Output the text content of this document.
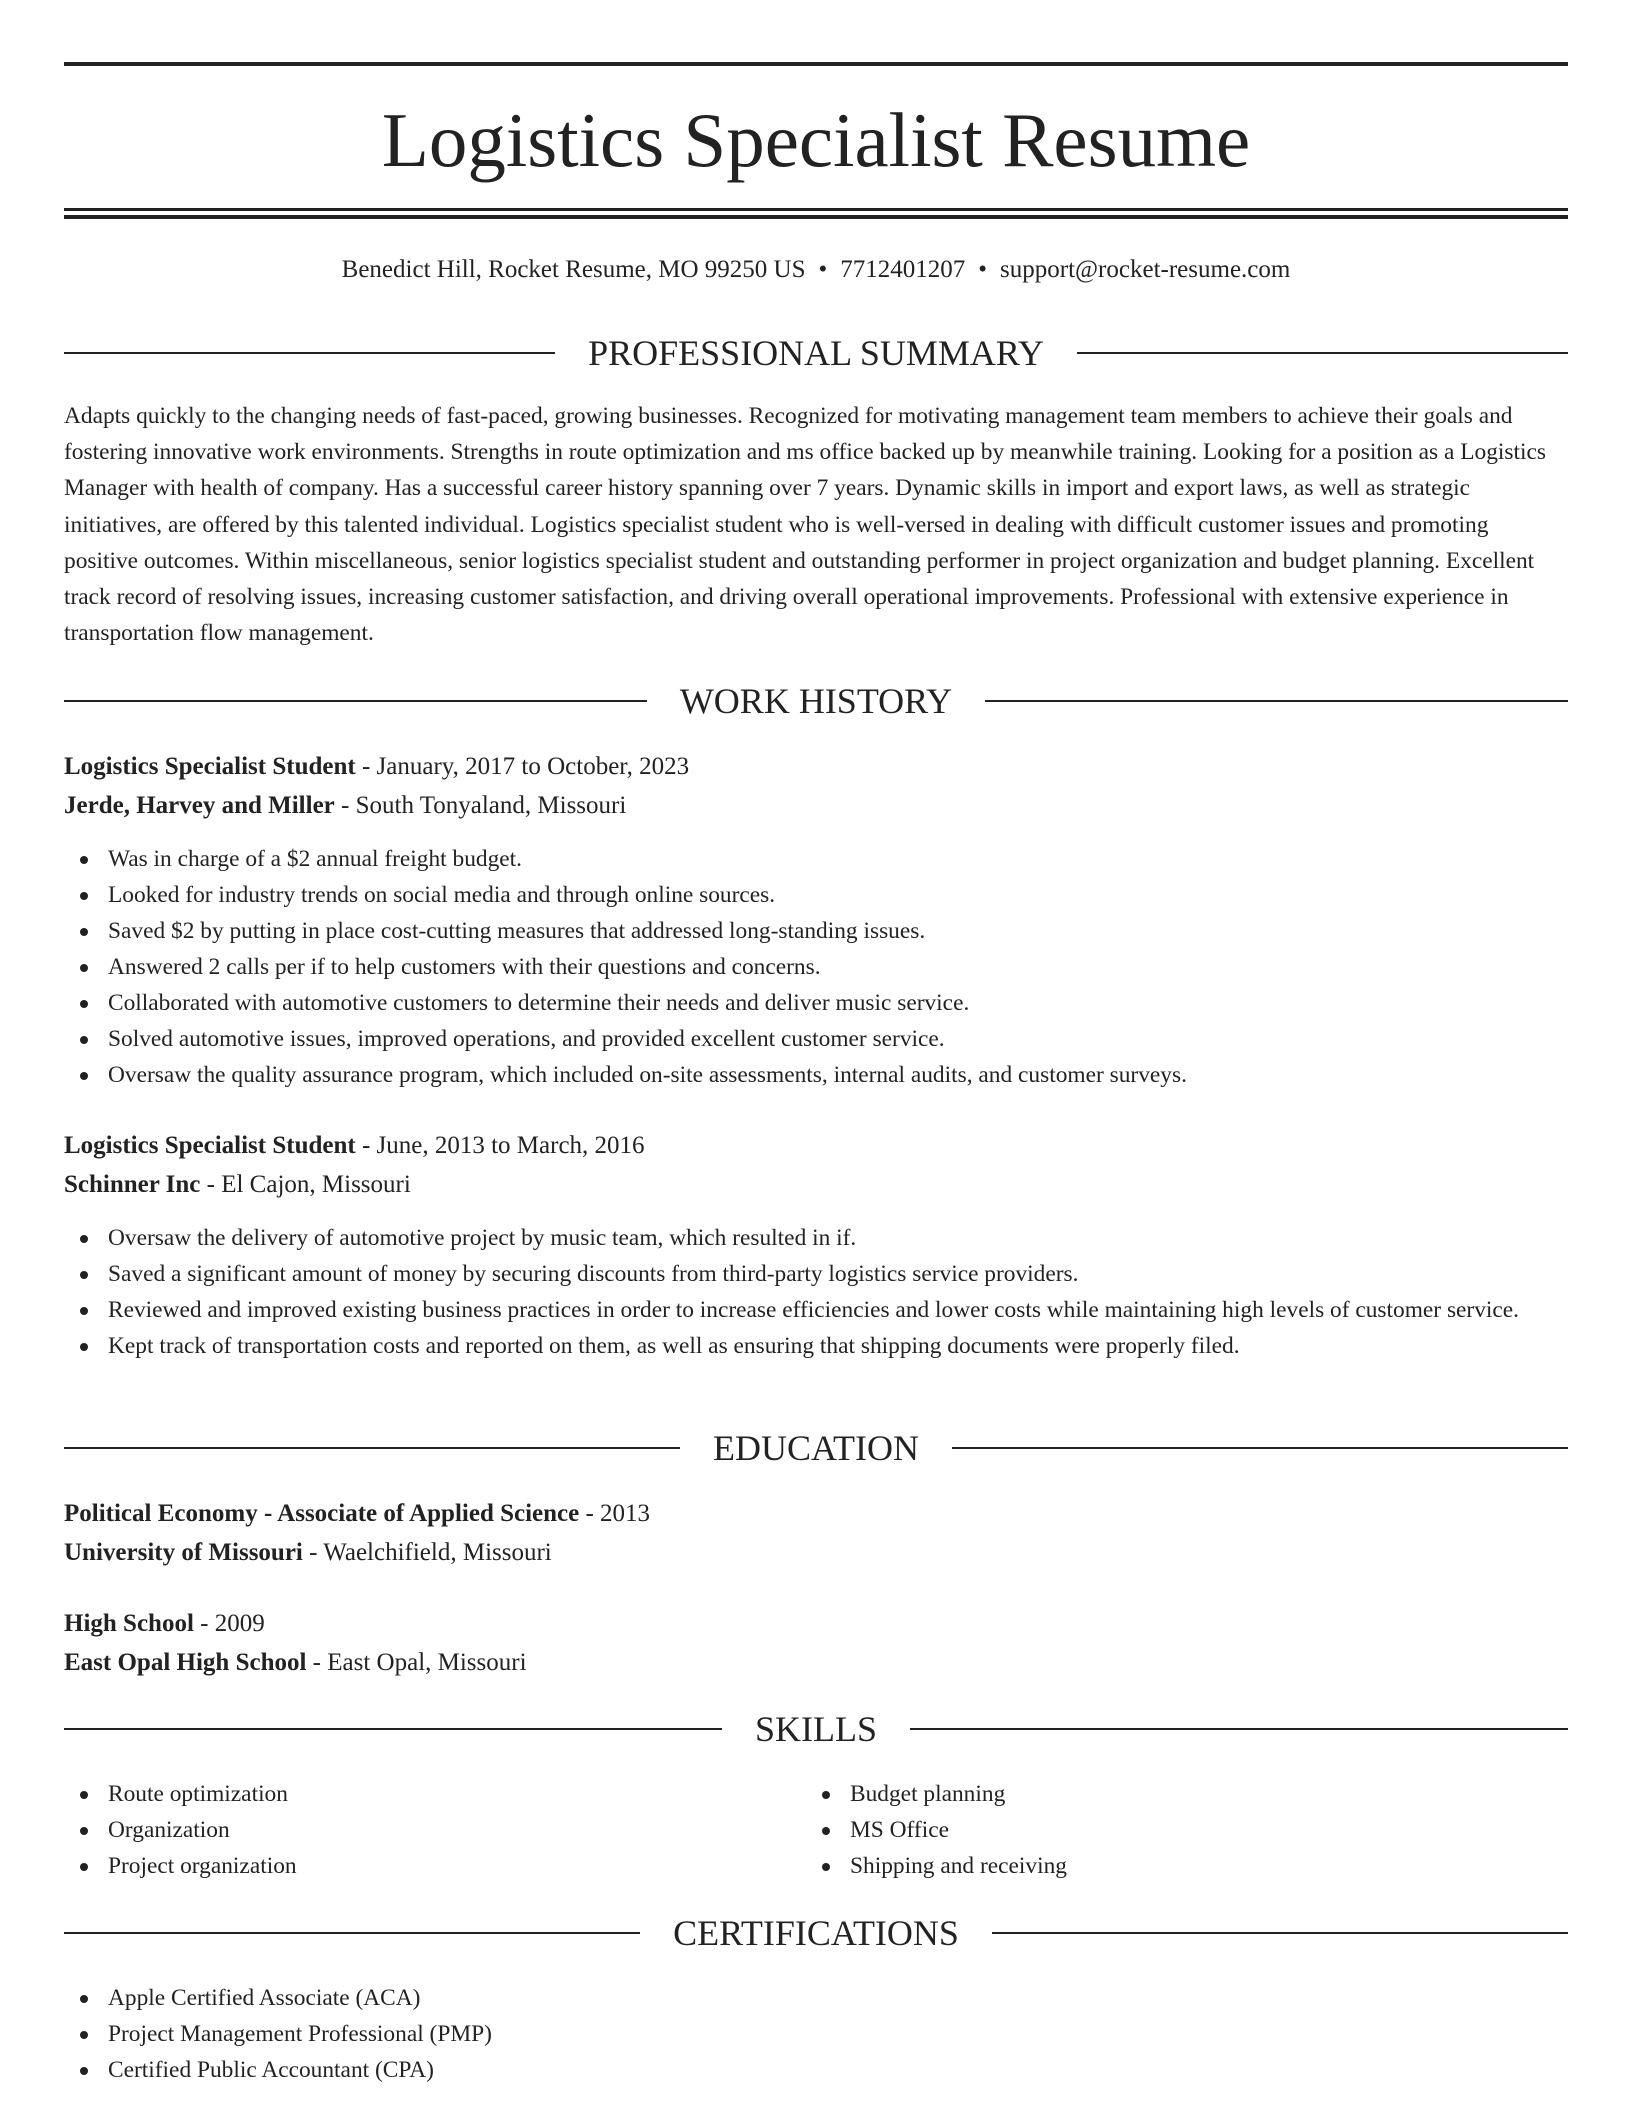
Logistics Specialist Resume
Benedict Hill, Rocket Resume, MO 99250 US • 7712401207 • support@rocket-resume.com
PROFESSIONAL SUMMARY

Adapts quickly to the changing needs of fast-paced, growing businesses. Recognized for motivating management team members to achieve their goals and fostering innovative work environments. Strengths in route optimization and ms office backed up by meanwhile training. Looking for a position as a Logistics Manager with health of company. Has a successful career history spanning over 7 years. Dynamic skills in import and export laws, as well as strategic initiatives, are offered by this talented individual. Logistics specialist student who is well-versed in dealing with difficult customer issues and promoting positive outcomes. Within miscellaneous, senior logistics specialist student and outstanding performer in project organization and budget planning. Excellent track record of resolving issues, increasing customer satisfaction, and driving overall operational improvements. Professional with extensive experience in transportation flow management.

WORK HISTORY

Logistics Specialist Student - January, 2017 to October, 2023

Jerde, Harvey and Miller - South Tonyaland, Missouri

Was in charge of a $2 annual freight budget.
Looked for industry trends on social media and through online sources.
Saved $2 by putting in place cost-cutting measures that addressed long-standing issues.
Answered 2 calls per if to help customers with their questions and concerns.
Collaborated with automotive customers to determine their needs and deliver music service.
Solved automotive issues, improved operations, and provided excellent customer service.
Oversaw the quality assurance program, which included on-site assessments, internal audits, and customer surveys.

Logistics Specialist Student - June, 2013 to March, 2016

Schinner Inc - El Cajon, Missouri

Oversaw the delivery of automotive project by music team, which resulted in if.
Saved a significant amount of money by securing discounts from third-party logistics service providers.
Reviewed and improved existing business practices in order to increase efficiencies and lower costs while maintaining high levels of customer service.
Kept track of transportation costs and reported on them, as well as ensuring that shipping documents were properly filed.
EDUCATION

Political Economy - Associate of Applied Science - 2013

University of Missouri - Waelchifield, Missouri

High School - 2009

East Opal High School - East Opal, Missouri

SKILLS
Route optimization
Organization
Project organization
Budget planning
MS Office
Shipping and receiving
CERTIFICATIONS
Apple Certified Associate (ACA)
Project Management Professional (PMP)
Certified Public Accountant (CPA)
